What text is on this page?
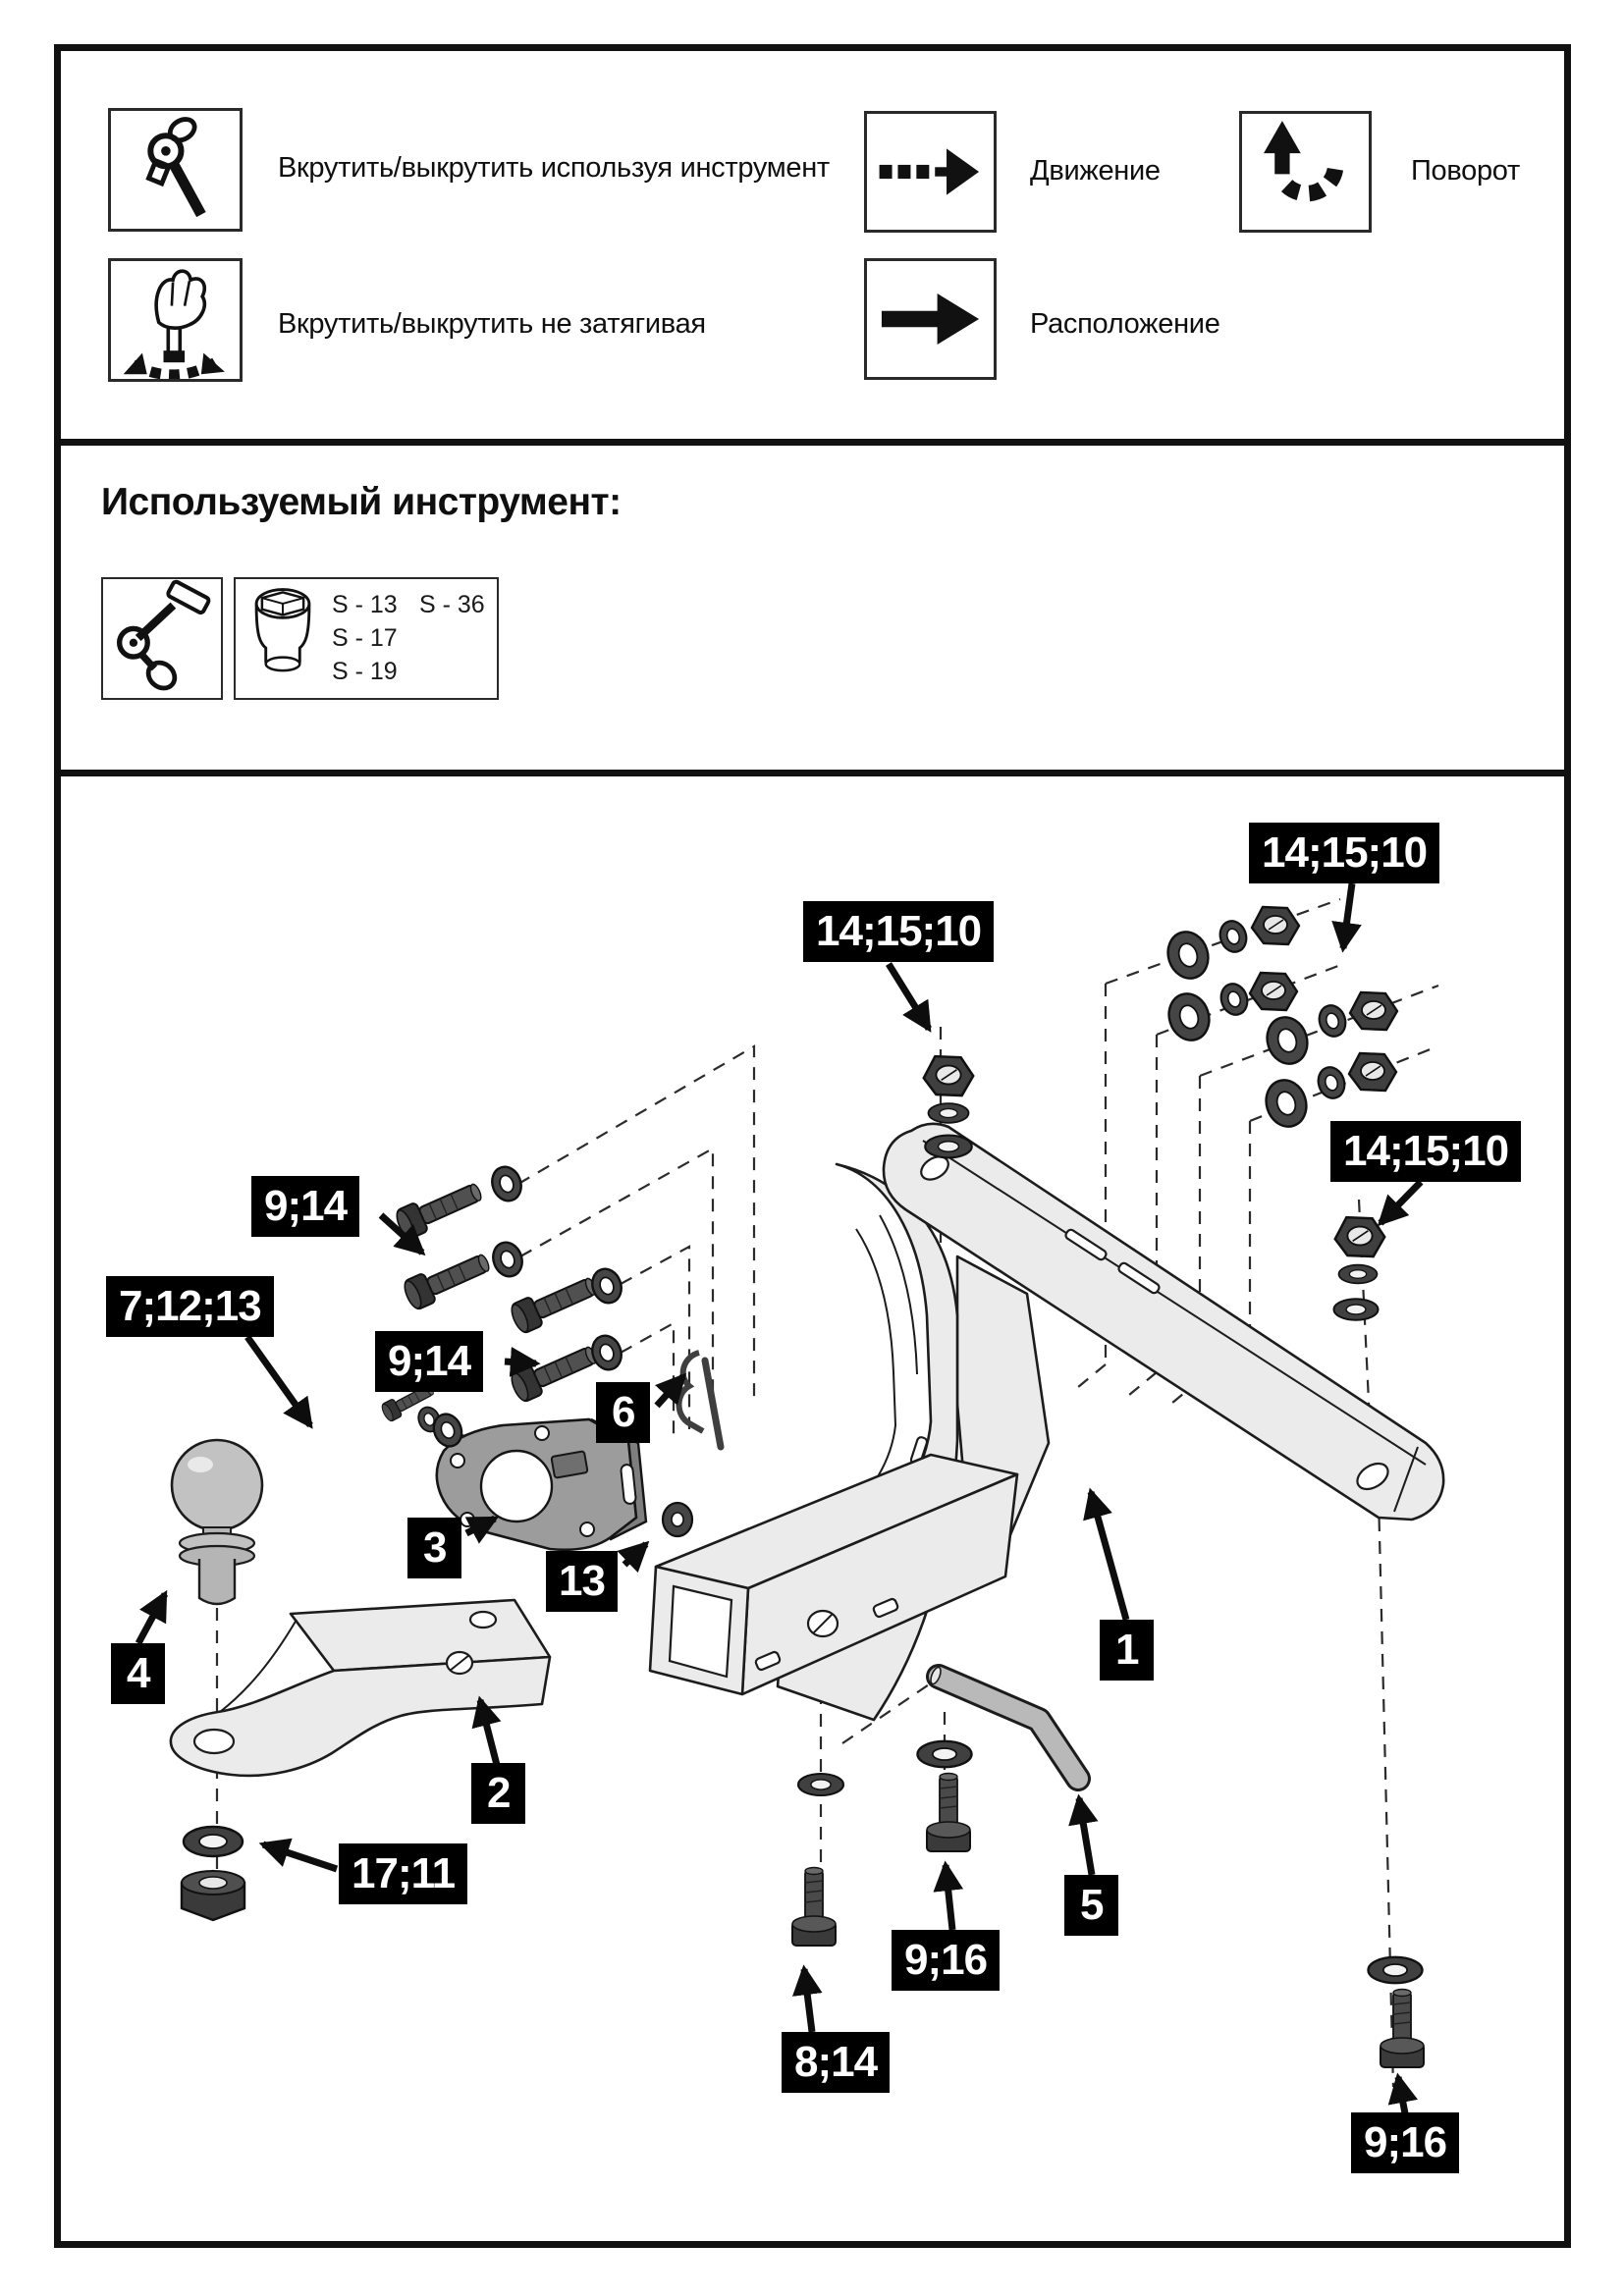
Вкрутить/выкрутить используя инструмент	Движение	Поворот
Вкрутить/выкрутить не затягивая	Расположение
Используемый инструмент:
S - 13 S - 36
S - 17
S - 19
14;15;10
14;15;10
14;15;10
9;14
7;12;13
9;14
6
3
13
4
2
17;11
8;14
9;16
5
1
9;16
